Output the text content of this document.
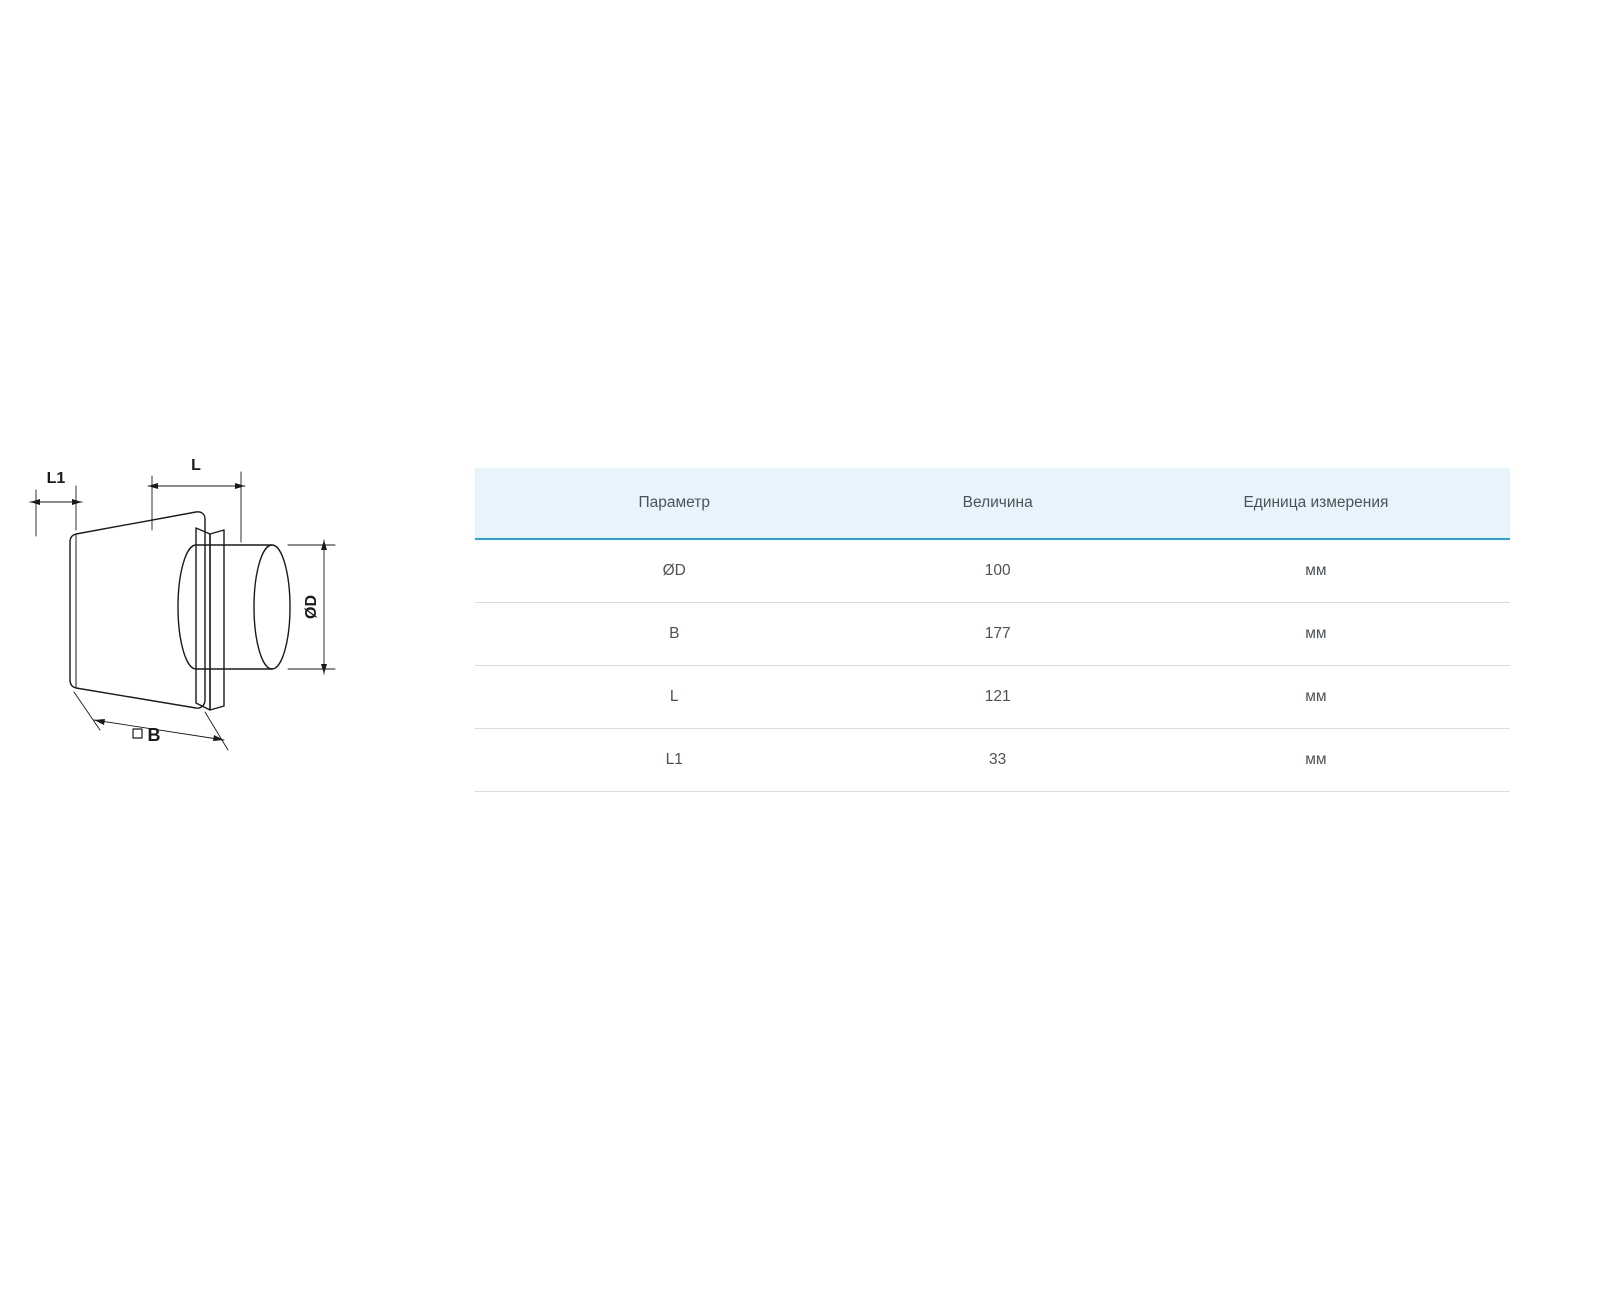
L1
L
ØD
B
Параметр	Величина	Единица измерения
ØD	100	мм
B	177	мм
L	121	мм
L1	33	мм
